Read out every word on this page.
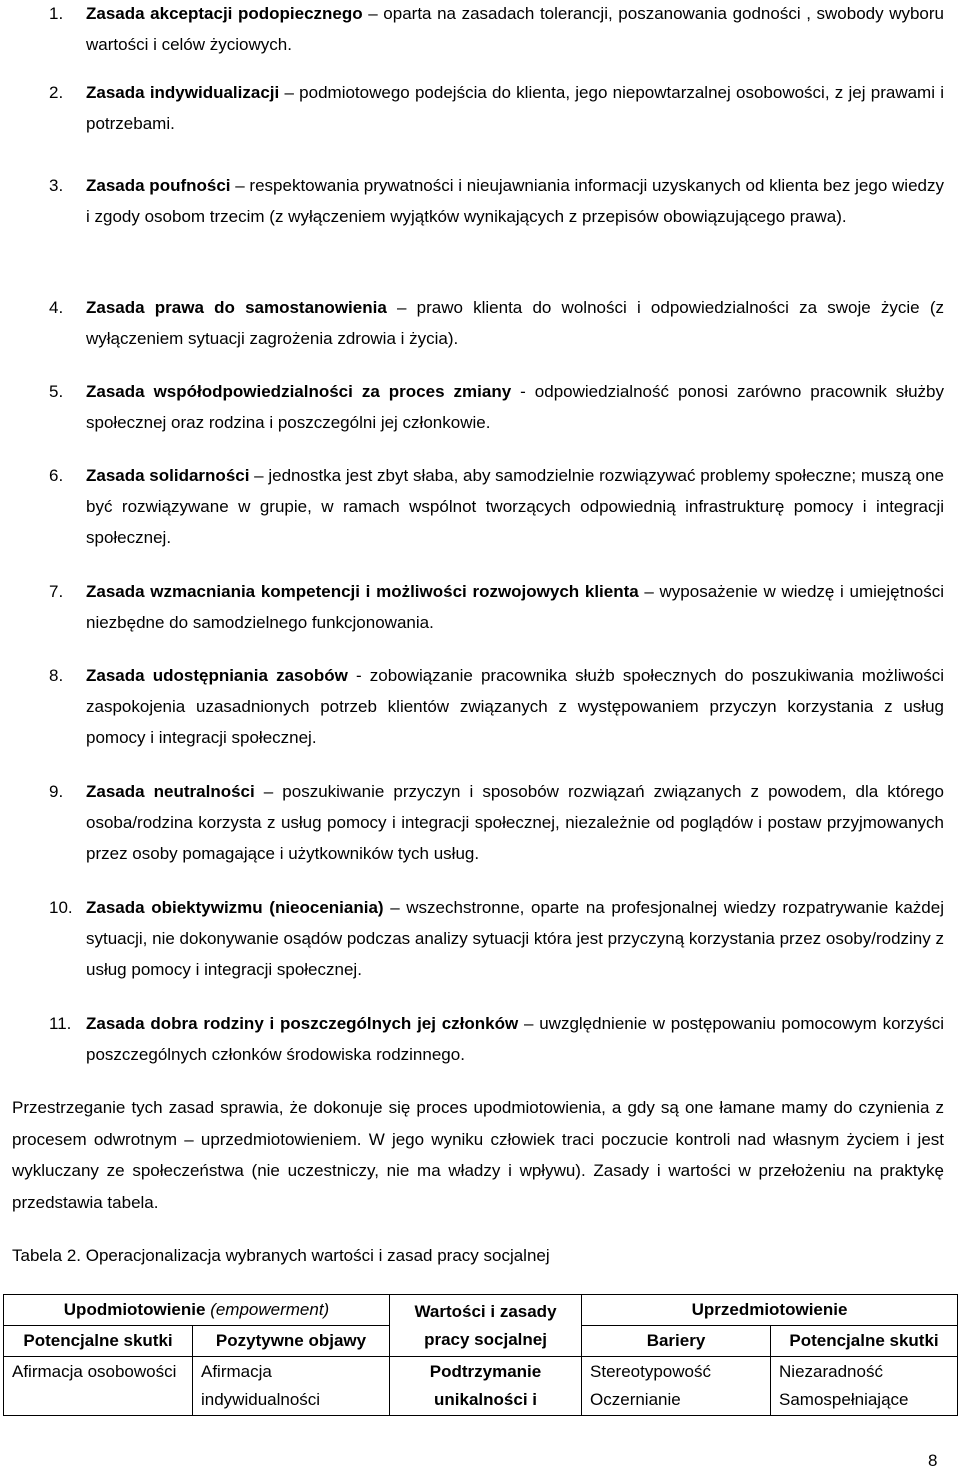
1.	Zasada akceptacji podopiecznego – oparta na zasadach tolerancji, poszanowania godności , swobody wyboru wartości i celów życiowych.
2.	Zasada indywidualizacji – podmiotowego podejścia do klienta, jego niepowtarzalnej osobowości, z jej prawami i potrzebami.
3.	Zasada poufności – respektowania prywatności i nieujawniania informacji uzyskanych od klienta bez jego wiedzy i zgody osobom trzecim (z wyłączeniem wyjątków wynikających z przepisów obowiązującego prawa).
4.	Zasada prawa do samostanowienia – prawo klienta do wolności i odpowiedzialności za swoje życie (z wyłączeniem sytuacji zagrożenia zdrowia i życia).
5.	Zasada współodpowiedzialności za proces zmiany - odpowiedzialność ponosi zarówno pracownik służby społecznej oraz rodzina i poszczególni jej członkowie.
6.	Zasada solidarności – jednostka jest zbyt słaba, aby samodzielnie rozwiązywać problemy społeczne; muszą one być rozwiązywane w grupie, w ramach wspólnot tworzących odpowiednią infrastrukturę pomocy i integracji społecznej.
7.	Zasada wzmacniania kompetencji i możliwości rozwojowych klienta – wyposażenie w wiedzę i umiejętności niezbędne do samodzielnego funkcjonowania.
8.	Zasada udostępniania zasobów - zobowiązanie pracownika służb społecznych do poszukiwania możliwości zaspokojenia uzasadnionych potrzeb klientów związanych z występowaniem przyczyn korzystania z usług pomocy i integracji społecznej.
9.	Zasada neutralności – poszukiwanie przyczyn i sposobów rozwiązań związanych z powodem, dla którego osoba/rodzina korzysta z usług pomocy i integracji społecznej, niezależnie od poglądów i postaw przyjmowanych przez osoby pomagające i użytkowników tych usług.
10. Zasada obiektywizmu (nieoceniania) – wszechstronne, oparte na profesjonalnej wiedzy rozpatrywanie każdej sytuacji, nie dokonywanie osądów podczas analizy sytuacji która jest przyczyną korzystania przez osoby/rodziny z usług pomocy i integracji społecznej.
11. Zasada dobra rodziny i poszczególnych jej członków – uwzględnienie w postępowaniu pomocowym korzyści poszczególnych członków środowiska rodzinnego.

Przestrzeganie tych zasad sprawia, że dokonuje się proces upodmiotowienia, a gdy są one łamane mamy do czynienia z procesem odwrotnym – uprzedmiotowieniem. W jego wyniku człowiek traci poczucie kontroli nad własnym życiem i jest wykluczany ze społeczeństwa (nie uczestniczy, nie ma władzy i wpływu). Zasady i wartości w przełożeniu na praktykę przedstawia tabela.

Tabela 2. Operacjonalizacja wybranych wartości i zasad pracy socjalnej
Upodmiotowienie (empowerment)		Wartości i zasady pracy socjalnej	Uprzedmiotowienie	
Potencjalne skutki	Pozytywne objawy		Bariery	Potencjalne skutki
Afirmacja osobowości	Afirmacja indywidualności	Podtrzymanie unikalności i	Stereotypowość Oczernianie	Niezaradność Samospełniające
8
